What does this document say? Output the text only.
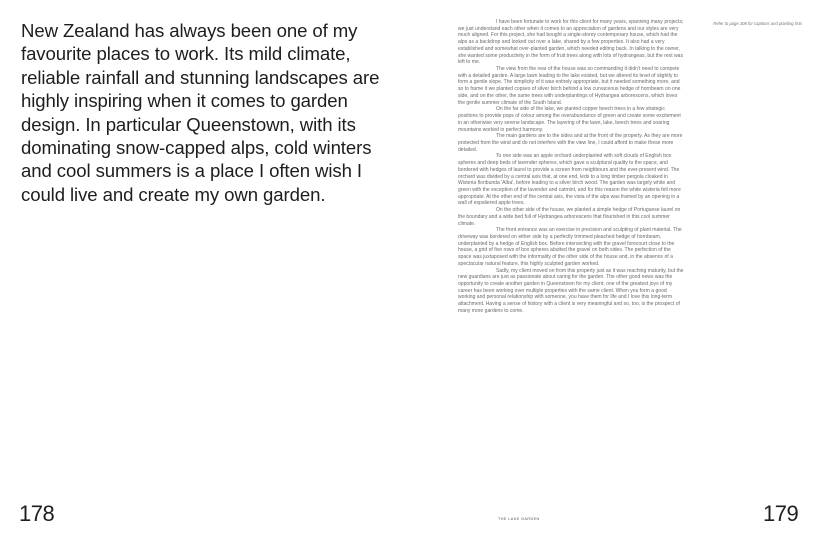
New Zealand has always been one of my favourite places to work. Its mild climate, reliable rainfall and stunning landscapes are highly inspiring when it comes to garden design. In particular Queenstown, with its dominating snow-capped alps, cold winters and cool summers is a place I often wish I could live and create my own garden.
178
Refer to page 308 for captions and planting lists

I have been fortunate to work for this client for many years, spanning many projects; we just understand each other when it comes to an appreciation of gardens and our styles are very much aligned. For this project, she had bought a single-storey contemporary house, which had the alps as a backdrop and looked out over a lake, shared by a few properties. It also had a very established and somewhat over-planted garden, which needed editing back. In talking to the owner, she wanted some productivity in the form of fruit trees along with lots of hydrangeas, but the rest was left to me.

The view from the rear of the house was so commanding it didn't need to compete with a detailed garden. A large lawn leading to the lake existed, but we altered its level of slightly to form a gentle slope. The simplicity of it was entirely appropriate, but it needed something more, and so to frame it we planted copses of silver birch behind a low curvaceous hedge of hornbeam on one side, and on the other, the same trees with underplantings of Hydrangea arborescens, which loves the gentle summer climate of the South Island.

On the far side of the lake, we planted copper beech trees in a few strategic positions to provide pops of colour among the overabundance of green and create some excitement in an otherwise very serene landscape. The layering of the lawn, lake, beech trees and soaring mountains worked in perfect harmony.

The main gardens are to the sides and at the front of the property. As they are more protected from the wind and do not interfere with the view line, I could afford to make these more detailed.

To one side was an apple orchard underplanted with soft clouds of English box spheres and deep beds of lavender spheres, which gave a sculptural quality to the space, and bordered with hedges of laurel to provide a screen from neighbours and the ever-present wind. The orchard was divided by a central axis that, at one end, leds to a long timber pergola cloaked in Wisteria floribunda 'Alba', before leading to a silver birch wood. The garden was largely white and green with the exception of the lavender and catmint, and for this reason the white wisteria felt more appropriate. At the other end of the central axis, the vista of the alps was framed by an opening in a wall of espaliered apple trees.

On the other side of the house, we planted a simple hedge of Portuguese laurel on the boundary and a wide bed full of Hydrangea arborescens that flourished in this cool summer climate.

The front entrance was an exercise in precision and sculpting of plant material. The driveway was bordered on either side by a perfectly trimmed pleached hedge of hornbeam, underplanted by a hedge of English box. Before intersecting with the gravel forecourt close to the house, a grid of five rows of box spheres abutted the gravel on both sides. The perfection of the space was juxtaposed with the informality of the other side of the house and, in the absence of a spectacular natural feature, this highly sculpted garden worked.

Sadly, my client moved on from this property just as it was reaching maturity, but the new guardians are just as passionate about caring for the garden. The other good news was the opportunity to create another garden in Queenstown for my client; one of the greatest joys of my career has been working over multiple properties with the same client. When you form a good working and personal relationship with someone, you have them for life and I love this long-term attachment. Having a sense of history with a client is very meaningful and so, too, is the prospect of many more gardens to come.

THE LAKE GARDEN	179
